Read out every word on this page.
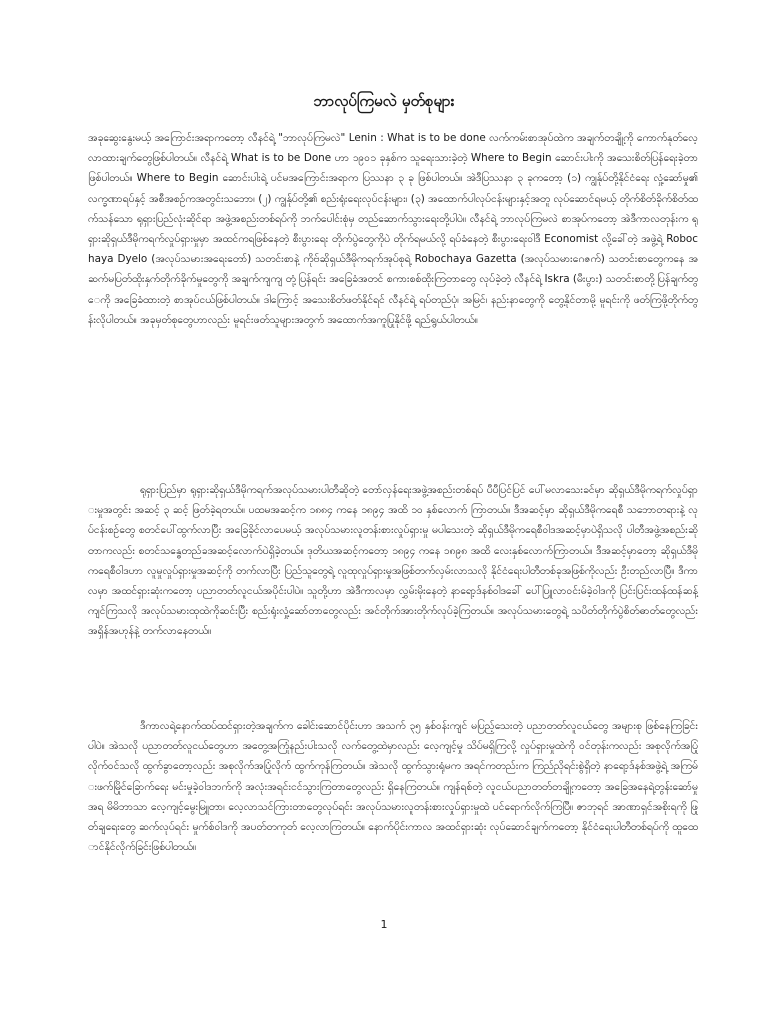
ဘာလုပ်ကြမလဲ မှတ်စုများ

အခုဆွေးနွေးမယ့် အကြောင်းအရာကတော့ လီနင်ရဲ့ "ဘာလုပ်ကြမလဲ" Lenin : What is to be done လက်ကမ်းစာအုပ်ထဲက အချက်တချို့ကို ကောက်နုတ်လေ့လာထားချက်တွေဖြစ်ပါတယ်။ လီနင်ရဲ့ What is to be Done ဟာ ၁၉၀၁ ခုနှစ်က သူရေးသားခဲ့တဲ့ Where to Begin ဆောင်းပါးကို အသေးစိတ်ပြန်ရေးခဲ့တာဖြစ်ပါတယ်။ Where to Begin ဆောင်းပါးရဲ့ ပင်မအကြောင်းအရာက ပြဿနာ ၃ ခု ဖြစ်ပါတယ်။ အဲဒီပြဿနာ ၃ ခုကတော့ (၁) ကျွန်ုပ်တို့နိုင်ငံရေး လှုံ့ဆော်မှု၏ လက္ခဏာရပ်နှင့် အစီအစဉ်ကအတွင်းသဘော၊ (၂) ကျွန်ုပ်တို့၏ စည်းရုံးရေးလုပ်ငန်းများ၊ (၃) အထောက်ပါလုပ်ငန်းများနှင့်အတူ လုပ်ဆောင်ရမယ့် တိုက်စိတ်ခိုက်စိတ်ထက်သန်သော ရုရှားပြည်လုံးဆိုင်ရာ အဖွဲ့အစည်းတစ်ရပ်ကို ဘက်ပေါင်းစုံမှ တည်ဆောက်သွားရေးတို့ပါပဲ။ လီနင်ရဲ့ ဘာလုပ်ကြမလဲ စာအုပ်ကတော့ အဲဒီကာလတုန်းက ရုရှားဆိုရှယ်ဒီမိုကရက်လှုပ်ရှားမှုမှာ အထင်ကရဖြစ်နေတဲ့ စီးပွားရေး တိုက်ပွဲတွေကိုပဲ တိုက်ရမယ်လို့ ရပ်ခံနေတဲ့ စီးပွားရေးဝါဒီ Economist လို့ခေါ်တဲ့ အဖွဲ့ရဲ့ Robochaya Dyelo (အလုပ်သမားအရေးတော်) သတင်းစာနဲ့ ကိုဗ်ဆိုရှယ်ဒီမိုကရက်အုပ်စုရဲ့ Robochaya Gazetta (အလုပ်သမားဂေဇက်) သတင်းစာတွေကနေ အဆက်မပြတ်ထိုးနှက်တိုက်ခိုက်မှုတွေကို အချက်ကျကျ တုံ့ပြန်ရင်း အခြေခံအတင် စကားစစ်ထိုးကြတာတွေ လုပ်ခဲ့တဲ့ လီနင်ရဲ့ Iskra (မီးပွား) သတင်းစာတို့ပြန်ချက်တွေကို အခြေခံထားတဲ့ စာအုပ်ငယ်ဖြစ်ပါတယ်။ ဒါကြောင့် အသေးစိတ်ဖတ်နိုင်ရင် လီနင်ရဲ့ ရပ်တည်ပုံ၊ အမြင်၊ နည်းနာတွေကို တွေ့နိုင်တာမို့ မူရင်းကို ဖတ်ကြဖို့တိုက်တွန်းလိုပါတယ်။ အခုမှတ်စုတွေဟာလည်း မူရင်းဖတ်သူများအတွက် အထောက်အကူပြုနိုင်ဖို့ ရည်ရွယ်ပါတယ်။

ရုရှားပြည်မှာ ရုရှားဆိုရှယ်ဒီမိုကရက်အလုပ်သမားပါတီဆိုတဲ့ တော်လှန်ရေးအဖွဲ့အစည်းတစ်ရပ် ပီပီပြင်ပြင် ပေါ်မလာသေးခင်မှာ ဆိုရှယ်ဒီမိုကရက်လှုပ်ရှားမှုအတွင်း အဆင့် ၃ ဆင့် ဖြတ်ခဲ့ရတယ်။ ပထမအဆင့်က ၁၈၈၄ ကနေ ၁၈၉၄ အထိ ၁၀ နှစ်လောက် ကြာတယ်။ ဒီအဆင့်မှာ ဆိုရှယ်ဒီမိုကရေစီ သဘောတရားနဲ့ လုပ်ငန်းစဉ်တွေ စတင်ပေါ်ထွက်လာပြီး အခြေခိုင်လာပေမယ့် အလုပ်သမားလူတန်းစားလှုပ်ရှားမှု မပါသေးတဲ့ ဆိုရှယ်ဒီမိုကရေစီဝါဒအဆင့်မှာပဲရှိသလို ပါတီအဖွဲ့အစည်းဆိုတာကလည်း စတင်သန္ဓေတည်ခအဆင့်လောက်ပဲရှိခဲ့တယ်။ ဒုတိယအဆင့်ကတော့ ၁၈၉၄ ကနေ ၁၈၉၈ အထိ လေးနှစ်လောက်ကြာတယ်။ ဒီအဆင့်မှာတော့ ဆိုရှယ်ဒီမိုကရေစီဝါဒဟာ လူမှုလှုပ်ရှားမှုအဆင့်ကို တက်လာပြီး ပြည်သူတွေရဲ့ လူထုလှုပ်ရှားမှုအဖြစ်တက်လှမ်းလာသလို နိုင်ငံရေးပါတီတစ်ခုအဖြစ်ကိုလည်း ဦးတည်လာပြီ။ ဒီကာလမှာ အထင်ရှားဆုံးကတော့ ပညာတတ်လူငယ်အပိုင်းပါပဲ။ သူတို့ဟာ အဲဒီကာလမှာ လွှမ်းမိုးနေတဲ့ နာရော့ဒ်နစ်ဝါဒခေါ် ပေါ်ပြူလာဝင်းမ်ခဲ့ဝါဒကို ပြင်းပြင်းထန်ထန်ဆန့်ကျင်ကြသလို အလုပ်သမားထုထဲကိုဆင်းပြီး စည်းရုံးလှုံ့ဆော်တာတွေလည်း အင်တိုက်အားတိုက်လုပ်ခဲ့ကြတယ်။ အလုပ်သမားတွေရဲ့ သပိတ်တိုက်ပွဲစိတ်ဓာတ်တွေလည်း အရှိန်အဟုန်နဲ့ တက်လာနေတယ်။

ဒီကာလရဲ့နောက်ထပ်ထင်ရှားတဲ့အချက်က ခေါင်းဆောင်ပိုင်းဟာ အသက် ၃၅ နှစ်ဝန်းကျင် မပြည့်သေးတဲ့ ပညာတတ်လူငယ်တွေ အများစု ဖြစ်နေကြခြင်းပါပဲ။ အဲသလို ပညာတတ်လူငယ်တွေဟာ အတွေ့အကြုံနည်းပါးသလို လက်တွေ့ထဲမှာလည်း လေ့ကျင့်မှု သိပ်မရှိကြလို့ လှုပ်ရှားမှုထဲကို ဝင်တုန်းကလည်း အစုလိုက်အပြုံလိုက်ဝင်သလို ထွက်ခွာတော့လည်း အစုလိုက်အပြုံလိုက် ထွက်ကုန်ကြတယ်။ အဲသလို ထွက်သွားရုံမက အရင်ကတည်းက ကြည်ညိုရင်းစွဲရှိတဲ့ နာရော့ဒ်နစ်အဖွဲ့ရဲ့ အကြမ်းဖက်မြိုင်ခြောက်ရေး မင်းမှုခဲ့ဝါဒဘက်ကို အလုံးအရင်းငင်သွားကြတာတွေလည်း ရှိနေကြတယ်။ ကျန်ရစ်တဲ့ လူငယ်ပညာတတ်တချို့ကတော့ အခြေအနေရဲ့တွန်းဆော်မှုအရ မိမိဘာသာ လေ့ကျင့်မွေးမြူတာ၊ လေ့လာသင်ကြားတာတွေလုပ်ရင်း အလုပ်သမားလူတန်းစားလှုပ်ရှားမှုထဲ ပင်ရောက်လိုက်ကြပြီ။ ဇာဘုရင် အာဏာရှင်အစိုးရကို ဖြုတ်ချရေးတွေ ဆက်လုပ်ရင်း မှုက်စ်ဝါဒကို အပတ်တကုတ် လေ့လာကြတယ်။ နောက်ပိုင်းကာလ အထင်ရှားဆုံး လုပ်ဆောင်ချက်ကတော့ နိုင်ငံရေးပါတီတစ်ရပ်ကို ထူထောင်နိုင်လိုက်ခြင်းဖြစ်ပါတယ်။

1
